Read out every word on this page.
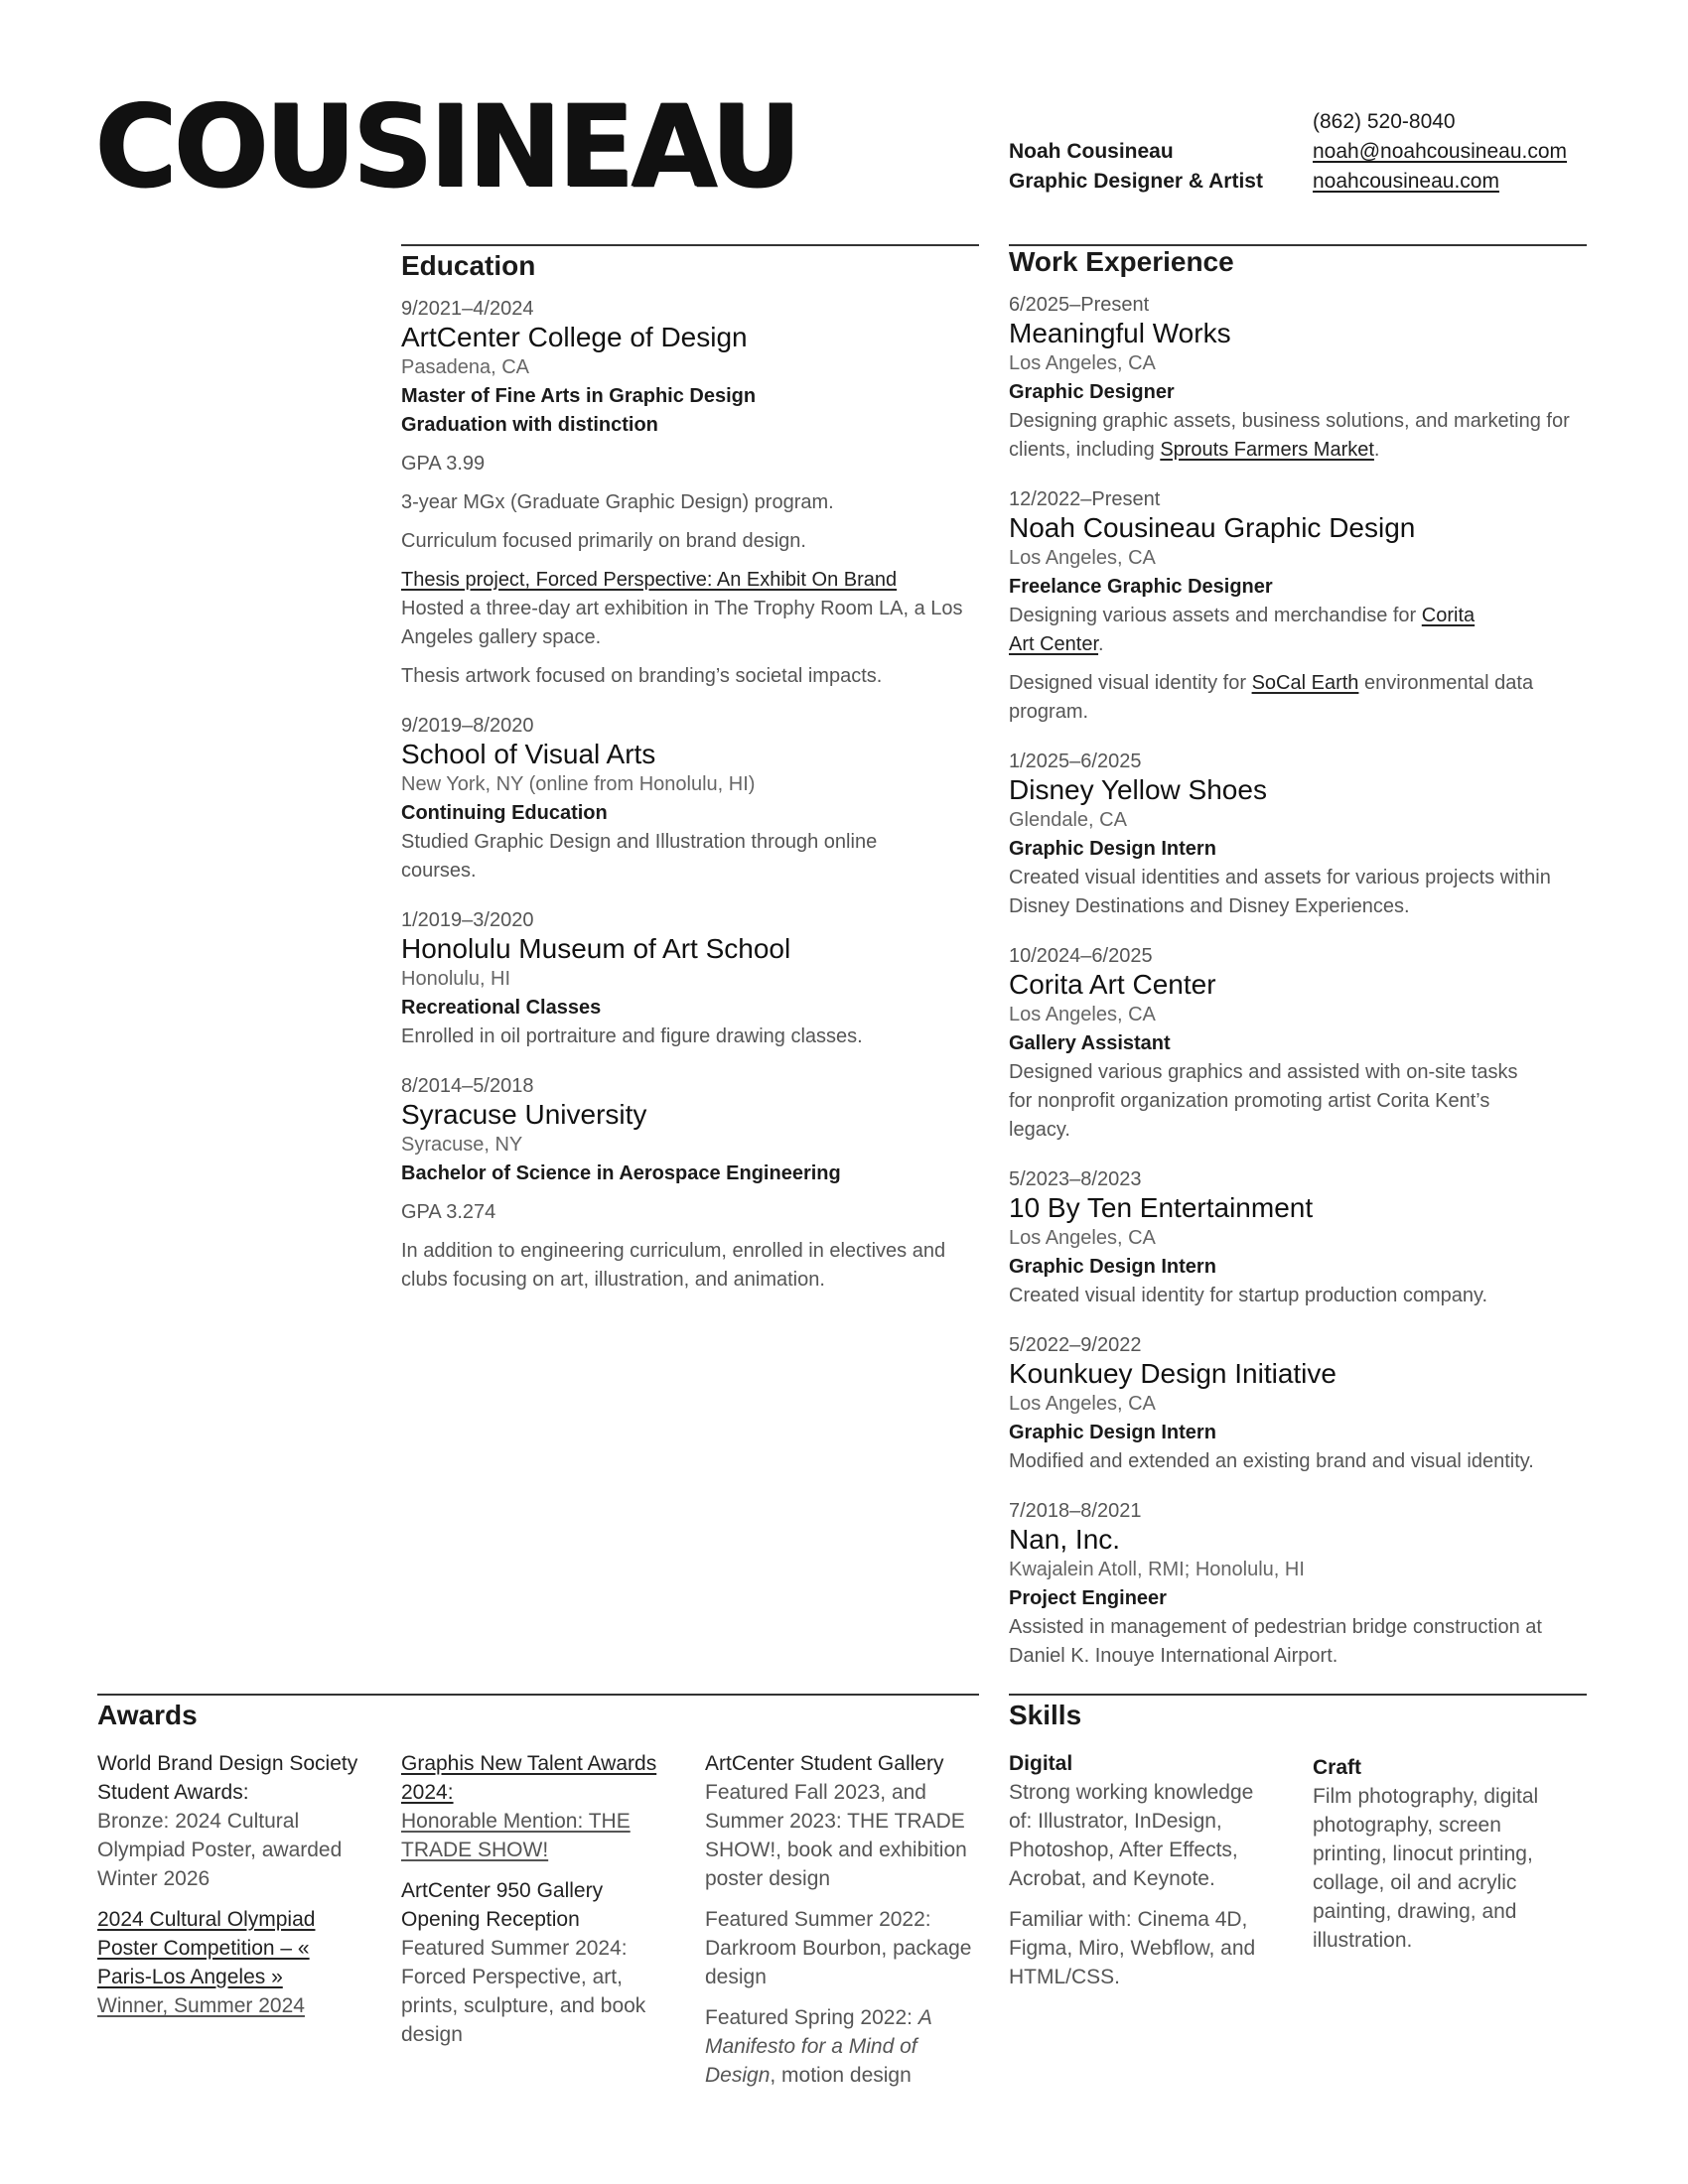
COUSINEAU	Noah Cousineau
Graphic Designer & Artist
(862) 520-8040
noah@noahcousineau.com
noahcousineau.com
Education
9/2021–4/2024
ArtCenter College of Design
Pasadena, CA
Master of Fine Arts in Graphic Design
Graduation with distinction
GPA 3.99
3-year MGx (Graduate Graphic Design) program.
Curriculum focused primarily on brand design.
Thesis project, Forced Perspective: An Exhibit On Brand
Hosted a three-day art exhibition in The Trophy Room LA, a Los Angeles gallery space.
Thesis artwork focused on branding’s societal impacts.
9/2019–8/2020
School of Visual Arts
New York, NY (online from Honolulu, HI)
Continuing Education
Studied Graphic Design and Illustration through online courses.
1/2019–3/2020
Honolulu Museum of Art School
Honolulu, HI
Recreational Classes
Enrolled in oil portraiture and figure drawing classes.
8/2014–5/2018
Syracuse University
Syracuse, NY
Bachelor of Science in Aerospace Engineering
GPA 3.274
In addition to engineering curriculum, enrolled in electives and clubs focusing on art, illustration, and animation.
Work Experience
6/2025–Present
Meaningful Works
Los Angeles, CA
Graphic Designer
Designing graphic assets, business solutions, and marketing for clients, including Sprouts Farmers Market.
12/2022–Present
Noah Cousineau Graphic Design
Los Angeles, CA
Freelance Graphic Designer
Designing various assets and merchandise for Corita Art Center.
Designed visual identity for SoCal Earth environmental data program.
1/2025–6/2025
Disney Yellow Shoes
Glendale, CA
Graphic Design Intern
Created visual identities and assets for various projects within Disney Destinations and Disney Experiences.
10/2024–6/2025
Corita Art Center
Los Angeles, CA
Gallery Assistant
Designed various graphics and assisted with on-site tasks for nonprofit organization promoting artist Corita Kent’s legacy.
5/2023–8/2023
10 By Ten Entertainment
Los Angeles, CA
Graphic Design Intern
Created visual identity for startup production company.
5/2022–9/2022
Kounkuey Design Initiative
Los Angeles, CA
Graphic Design Intern
Modified and extended an existing brand and visual identity.
7/2018–8/2021
Nan, Inc.
Kwajalein Atoll, RMI; Honolulu, HI
Project Engineer
Assisted in management of pedestrian bridge construction at Daniel K. Inouye International Airport.
Awards
World Brand Design Society Student Awards:
Bronze: 2024 Cultural Olympiad Poster, awarded Winter 2026
2024 Cultural Olympiad Poster Competition – « Paris-Los Angeles »
Winner, Summer 2024
Graphis New Talent Awards 2024:
Honorable Mention: THE TRADE SHOW!
ArtCenter 950 Gallery Opening Reception
Featured Summer 2024: Forced Perspective, art, prints, sculpture, and book design
ArtCenter Student Gallery
Featured Fall 2023, and Summer 2023: THE TRADE SHOW!, book and exhibition poster design
Featured Summer 2022: Darkroom Bourbon, package design
Featured Spring 2022: A Manifesto for a Mind of Design, motion design
Skills
Digital
Strong working knowledge of: Illustrator, InDesign, Photoshop, After Effects, Acrobat, and Keynote.
Familiar with: Cinema 4D, Figma, Miro, Webflow, and HTML/CSS.
Craft
Film photography, digital photography, screen printing, linocut printing, collage, oil and acrylic painting, drawing, and illustration.
